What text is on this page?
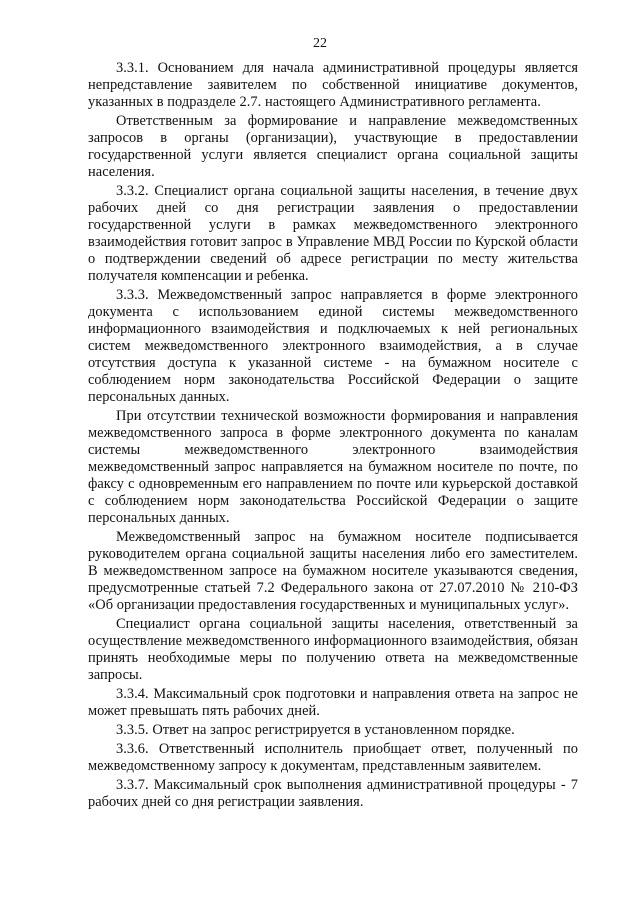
22

3.3.1. Основанием для начала административной процедуры является непредставление заявителем по собственной инициативе документов, указанных в подразделе 2.7. настоящего Административного регламента.

Ответственным за формирование и направление межведомственных запросов в органы (организации), участвующие в предоставлении государственной услуги является специалист органа социальной защиты населения.

3.3.2. Специалист органа социальной защиты населения, в течение двух рабочих дней со дня регистрации заявления о предоставлении государственной услуги в рамках межведомственного электронного взаимодействия готовит запрос в Управление МВД России по Курской области о подтверждении сведений об адресе регистрации по месту жительства получателя компенсации и ребенка.

3.3.3. Межведомственный запрос направляется в форме электронного документа с использованием единой системы межведомственного информационного взаимодействия и подключаемых к ней региональных систем межведомственного электронного взаимодействия, а в случае отсутствия доступа к указанной системе - на бумажном носителе с соблюдением норм законодательства Российской Федерации о защите персональных данных.

При отсутствии технической возможности формирования и направления межведомственного запроса в форме электронного документа по каналам системы межведомственного электронного взаимодействия межведомственный запрос направляется на бумажном носителе по почте, по факсу с одновременным его направлением по почте или курьерской доставкой с соблюдением норм законодательства Российской Федерации о защите персональных данных.

Межведомственный запрос на бумажном носителе подписывается руководителем органа социальной защиты населения либо его заместителем. В межведомственном запросе на бумажном носителе указываются сведения, предусмотренные статьей 7.2 Федерального закона от 27.07.2010 № 210-ФЗ «Об организации предоставления государственных и муниципальных услуг».

Специалист органа социальной защиты населения, ответственный за осуществление межведомственного информационного взаимодействия, обязан принять необходимые меры по получению ответа на межведомственные запросы.

3.3.4. Максимальный срок подготовки и направления ответа на запрос не может превышать пять рабочих дней.

3.3.5. Ответ на запрос регистрируется в установленном порядке.

3.3.6. Ответственный исполнитель приобщает ответ, полученный по межведомственному запросу к документам, представленным заявителем.

3.3.7. Максимальный срок выполнения административной процедуры - 7 рабочих дней со дня регистрации заявления.
